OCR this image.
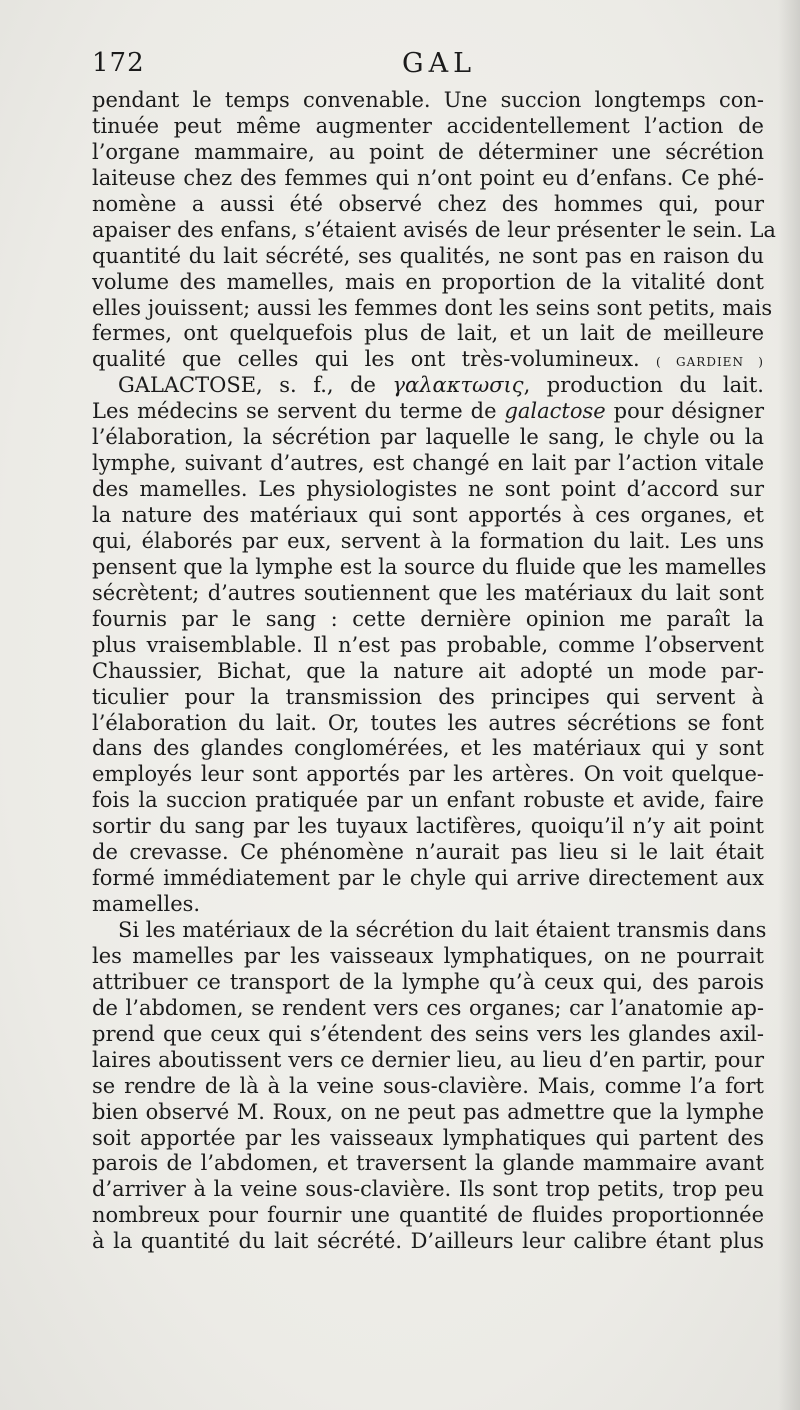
172	GAL
pendant le temps convenable. Une succion longtemps con-
tinuée peut même augmenter accidentellement l’action de
l’organe mammaire, au point de déterminer une sécrétion
laiteuse chez des femmes qui n’ont point eu d’enfans. Ce phé-
nomène a aussi été observé chez des hommes qui, pour
apaiser des enfans, s’étaient avisés de leur présenter le sein. La
quantité du lait sécrété, ses qualités, ne sont pas en raison du
volume des mamelles, mais en proportion de la vitalité dont
elles jouissent; aussi les femmes dont les seins sont petits, mais
fermes, ont quelquefois plus de lait, et un lait de meilleure
qualité que celles qui les ont très-volumineux. ( GARDIEN )
GALACTOSE, s. f., de γαλακτωσις, production du lait.
Les médecins se servent du terme de galactose pour désigner
l’élaboration, la sécrétion par laquelle le sang, le chyle ou la
lymphe, suivant d’autres, est changé en lait par l’action vitale
des mamelles. Les physiologistes ne sont point d’accord sur
la nature des matériaux qui sont apportés à ces organes, et
qui, élaborés par eux, servent à la formation du lait. Les uns
pensent que la lymphe est la source du fluide que les mamelles
sécrètent; d’autres soutiennent que les matériaux du lait sont
fournis par le sang : cette dernière opinion me paraît la
plus vraisemblable. Il n’est pas probable, comme l’observent
Chaussier, Bichat, que la nature ait adopté un mode par-
ticulier pour la transmission des principes qui servent à
l’élaboration du lait. Or, toutes les autres sécrétions se font
dans des glandes conglomérées, et les matériaux qui y sont
employés leur sont apportés par les artères. On voit quelque-
fois la succion pratiquée par un enfant robuste et avide, faire
sortir du sang par les tuyaux lactifères, quoiqu’il n’y ait point
de crevasse. Ce phénomène n’aurait pas lieu si le lait était
formé immédiatement par le chyle qui arrive directement aux
mamelles.
Si les matériaux de la sécrétion du lait étaient transmis dans
les mamelles par les vaisseaux lymphatiques, on ne pourrait
attribuer ce transport de la lymphe qu’à ceux qui, des parois
de l’abdomen, se rendent vers ces organes; car l’anatomie ap-
prend que ceux qui s’étendent des seins vers les glandes axil-
laires aboutissent vers ce dernier lieu, au lieu d’en partir, pour
se rendre de là à la veine sous-clavière. Mais, comme l’a fort
bien observé M. Roux, on ne peut pas admettre que la lymphe
soit apportée par les vaisseaux lymphatiques qui partent des
parois de l’abdomen, et traversent la glande mammaire avant
d’arriver à la veine sous-clavière. Ils sont trop petits, trop peu
nombreux pour fournir une quantité de fluides proportionnée
à la quantité du lait sécrété. D’ailleurs leur calibre étant plus
